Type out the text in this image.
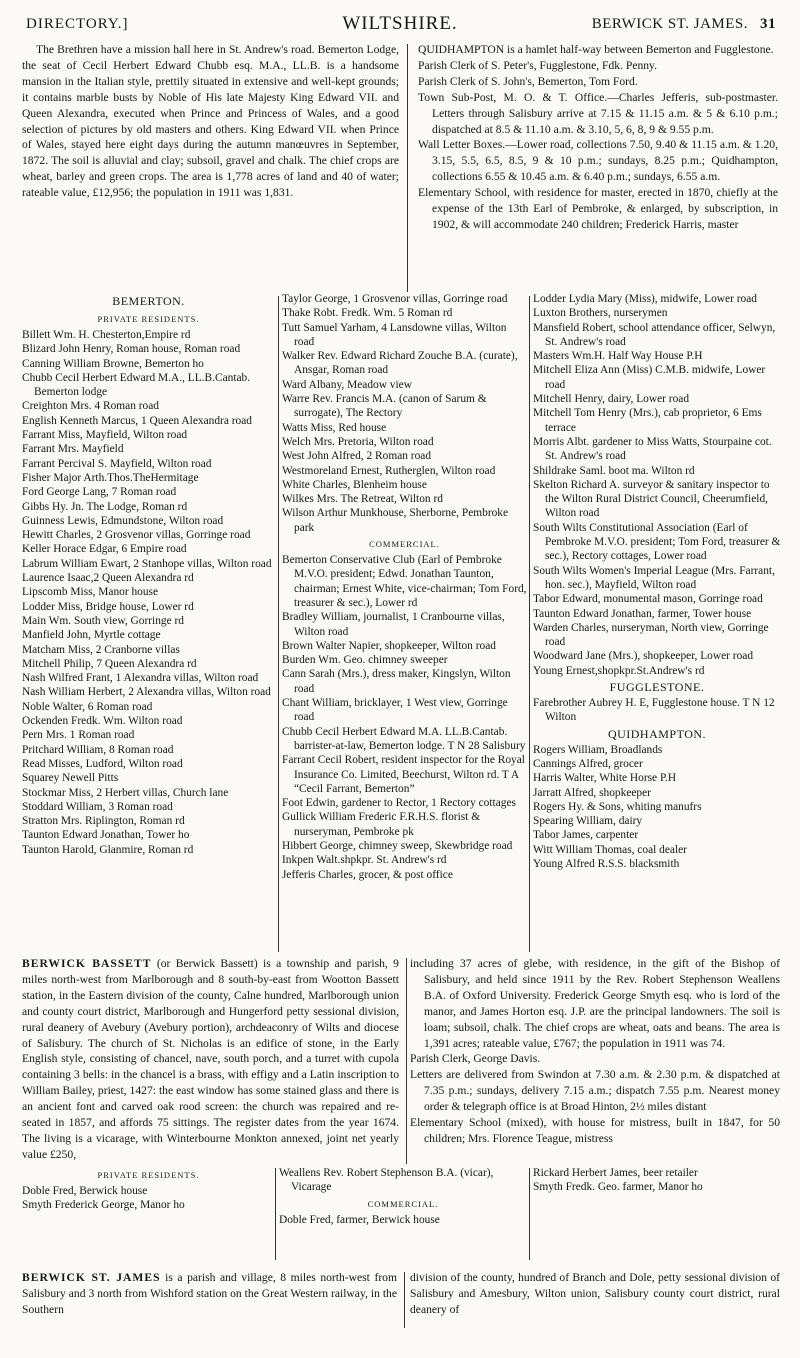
DIRECTORY.]	WILTSHIRE.	BERWICK ST. JAMES. 31

The Brethren have a mission hall here in St. Andrew's road. Bemerton Lodge, the seat of Cecil Herbert Edward Chubb esq. M.A., LL.B. is a handsome mansion in the Italian style, prettily situated in extensive and well-kept grounds; it contains marble busts by Noble of His late Majesty King Edward VII. and Queen Alexandra, executed when Prince and Princess of Wales, and a good selection of pictures by old masters and others. King Edward VII. when Prince of Wales, stayed here eight days during the autumn manœuvres in September, 1872. The soil is alluvial and clay; subsoil, gravel and chalk. The chief crops are wheat, barley and green crops. The area is 1,778 acres of land and 40 of water; rateable value, £12,956; the population in 1911 was 1,831.

QUIDHAMPTON is a hamlet half-way between Bemerton and Fugglestone.

Parish Clerk of S. Peter's, Fugglestone, Fdk. Penny.

Parish Clerk of S. John's, Bemerton, Tom Ford.

Town Sub-Post, M. O. & T. Office.—Charles Jefferis, sub-postmaster. Letters through Salisbury arrive at 7.15 & 11.15 a.m. & 5 & 6.10 p.m.; dispatched at 8.5 & 11.10 a.m. & 3.10, 5, 6, 8, 9 & 9.55 p.m.

Wall Letter Boxes.—Lower road, collections 7.50, 9.40 & 11.15 a.m. & 1.20, 3.15, 5.5, 6.5, 8.5, 9 & 10 p.m.; sundays, 8.25 p.m.; Quidhampton, collections 6.55 & 10.45 a.m. & 6.40 p.m.; sundays, 6.55 a.m.

Elementary School, with residence for master, erected in 1870, chiefly at the expense of the 13th Earl of Pembroke, & enlarged, by subscription, in 1902, & will accommodate 240 children; Frederick Harris, master

BEMERTON.
PRIVATE RESIDENTS.
Billett Wm. H. Chesterton,Empire rd
Blizard John Henry, Roman house, Roman road
Canning William Browne, Bemerton ho
Chubb Cecil Herbert Edward M.A., LL.B.Cantab. Bemerton lodge
Creighton Mrs. 4 Roman road
English Kenneth Marcus, 1 Queen Alexandra road
Farrant Miss, Mayfield, Wilton road
Farrant Mrs. Mayfield
Farrant Percival S. Mayfield, Wilton road
Fisher Major Arth.Thos.TheHermitage
Ford George Lang, 7 Roman road
Gibbs Hy. Jn. The Lodge, Roman rd
Guinness Lewis, Edmundstone, Wilton road
Hewitt Charles, 2 Grosvenor villas, Gorringe road
Keller Horace Edgar, 6 Empire road
Labrum William Ewart, 2 Stanhope villas, Wilton road
Laurence Isaac,2 Queen Alexandra rd
Lipscomb Miss, Manor house
Lodder Miss, Bridge house, Lower rd
Main Wm. South view, Gorringe rd
Manfield John, Myrtle cottage
Matcham Miss, 2 Cranborne villas
Mitchell Philip, 7 Queen Alexandra rd
Nash Wilfred Frant, 1 Alexandra villas, Wilton road
Nash William Herbert, 2 Alexandra villas, Wilton road
Noble Walter, 6 Roman road
Ockenden Fredk. Wm. Wilton road
Pern Mrs. 1 Roman road
Pritchard William, 8 Roman road
Read Misses, Ludford, Wilton road
Squarey Newell Pitts
Stockmar Miss, 2 Herbert villas, Church lane
Stoddard William, 3 Roman road
Stratton Mrs. Riplington, Roman rd
Taunton Edward Jonathan, Tower ho
Taunton Harold, Glanmire, Roman rd
Taylor George, 1 Grosvenor villas, Gorringe road
Thake Robt. Fredk. Wm. 5 Roman rd
Tutt Samuel Yarham, 4 Lansdowne villas, Wilton road
Walker Rev. Edward Richard Zouche B.A. (curate), Ansgar, Roman road
Ward Albany, Meadow view
Warre Rev. Francis M.A. (canon of Sarum & surrogate), The Rectory
Watts Miss, Red house
Welch Mrs. Pretoria, Wilton road
West John Alfred, 2 Roman road
Westmoreland Ernest, Rutherglen, Wilton road
White Charles, Blenheim house
Wilkes Mrs. The Retreat, Wilton rd
Wilson Arthur Munkhouse, Sherborne, Pembroke park
COMMERCIAL.
Bemerton Conservative Club (Earl of Pembroke M.V.O. president; Edwd. Jonathan Taunton, chairman; Ernest White, vice-chairman; Tom Ford, treasurer & sec.), Lower rd
Bradley William, journalist, 1 Cranbourne villas, Wilton road
Brown Walter Napier, shopkeeper, Wilton road
Burden Wm. Geo. chimney sweeper
Cann Sarah (Mrs.), dress maker, Kingslyn, Wilton road
Chant William, bricklayer, 1 West view, Gorringe road
Chubb Cecil Herbert Edward M.A. LL.B.Cantab. barrister-at-law, Bemerton lodge. T N 28 Salisbury
Farrant Cecil Robert, resident inspector for the Royal Insurance Co. Limited, Beechurst, Wilton rd. T A “Cecil Farrant, Bemerton”
Foot Edwin, gardener to Rector, 1 Rectory cottages
Gullick William Frederic F.R.H.S. florist & nurseryman, Pembroke pk
Hibbert George, chimney sweep, Skewbridge road
Inkpen Walt.shpkpr. St. Andrew's rd
Jefferis Charles, grocer, & post office
Lodder Lydia Mary (Miss), midwife, Lower road
Luxton Brothers, nurserymen
Mansfield Robert, school attendance officer, Selwyn, St. Andrew's road
Masters Wm.H. Half Way House P.H
Mitchell Eliza Ann (Miss) C.M.B. midwife, Lower road
Mitchell Henry, dairy, Lower road
Mitchell Tom Henry (Mrs.), cab proprietor, 6 Ems terrace
Morris Albt. gardener to Miss Watts, Stourpaine cot. St. Andrew's road
Shildrake Saml. boot ma. Wilton rd
Skelton Richard A. surveyor & sanitary inspector to the Wilton Rural District Council, Cheerumfield, Wilton road
South Wilts Constitutional Association (Earl of Pembroke M.V.O. president; Tom Ford, treasurer & sec.), Rectory cottages, Lower road
South Wilts Women's Imperial League (Mrs. Farrant, hon. sec.), Mayfield, Wilton road
Tabor Edward, monumental mason, Gorringe road
Taunton Edward Jonathan, farmer, Tower house
Warden Charles, nurseryman, North view, Gorringe road
Woodward Jane (Mrs.), shopkeeper, Lower road
Young Ernest,shopkpr.St.Andrew's rd
FUGGLESTONE.
Farebrother Aubrey H. E, Fugglestone house. T N 12 Wilton
QUIDHAMPTON.
Rogers William, Broadlands
Cannings Alfred, grocer
Harris Walter, White Horse P.H
Jarratt Alfred, shopkeeper
Rogers Hy. & Sons, whiting manufrs
Spearing William, dairy
Tabor James, carpenter
Witt William Thomas, coal dealer
Young Alfred R.S.S. blacksmith
BERWICK BASSETT (or Berwick Bassett) is a township and parish, 9 miles north-west from Marlborough and 8 south-by-east from Wootton Bassett station, in the Eastern division of the county, Calne hundred, Marlborough union and county court district, Marlborough and Hungerford petty sessional division, rural deanery of Avebury (Avebury portion), archdeaconry of Wilts and diocese of Salisbury. The church of St. Nicholas is an edifice of stone, in the Early English style, consisting of chancel, nave, south porch, and a turret with cupola containing 3 bells: in the chancel is a brass, with effigy and a Latin inscription to William Bailey, priest, 1427: the east window has some stained glass and there is an ancient font and carved oak rood screen: the church was repaired and re-seated in 1857, and affords 75 sittings. The register dates from the year 1674. The living is a vicarage, with Winterbourne Monkton annexed, joint net yearly value £250,

including 37 acres of glebe, with residence, in the gift of the Bishop of Salisbury, and held since 1911 by the Rev. Robert Stephenson Weallens B.A. of Oxford University. Frederick George Smyth esq. who is lord of the manor, and James Horton esq. J.P. are the principal landowners. The soil is loam; subsoil, chalk. The chief crops are wheat, oats and beans. The area is 1,391 acres; rateable value, £767; the population in 1911 was 74.

Parish Clerk, George Davis.

Letters are delivered from Swindon at 7.30 a.m. & 2.30 p.m. & dispatched at 7.35 p.m.; sundays, delivery 7.15 a.m.; dispatch 7.55 p.m. Nearest money order & telegraph office is at Broad Hinton, 2½ miles distant

Elementary School (mixed), with house for mistress, built in 1847, for 50 children; Mrs. Florence Teague, mistress

PRIVATE RESIDENTS.
Doble Fred, Berwick house
Smyth Frederick George, Manor ho
Weallens Rev. Robert Stephenson B.A. (vicar), Vicarage
COMMERCIAL.
Doble Fred, farmer, Berwick house
Rickard Herbert James, beer retailer
Smyth Fredk. Geo. farmer, Manor ho
BERWICK ST. JAMES is a parish and village, 8 miles north-west from Salisbury and 3 north from Wishford station on the Great Western railway, in the Southern
division of the county, hundred of Branch and Dole, petty sessional division of Salisbury and Amesbury, Wilton union, Salisbury county court district, rural deanery of
